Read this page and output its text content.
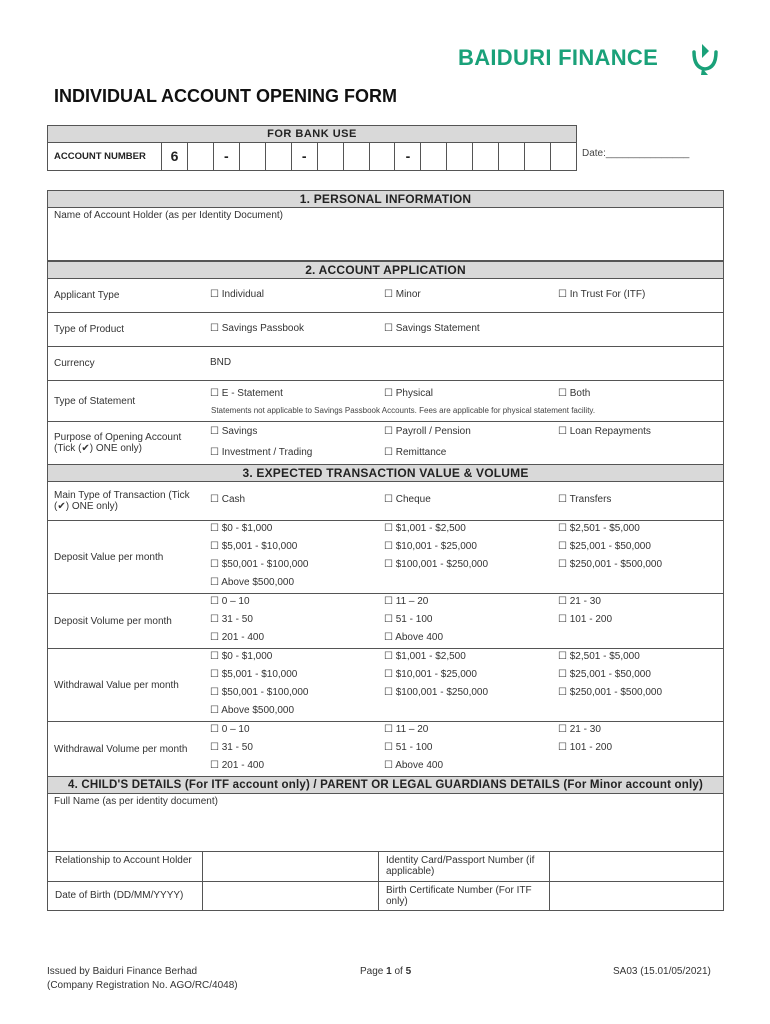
BAIDURI FINANCE
INDIVIDUAL ACCOUNT OPENING FORM
FOR BANK USE
ACCOUNT NUMBER	6	-	-	-	Date:_______________
1. PERSONAL INFORMATION
Name of Account Holder (as per Identity Document)
2. ACCOUNT APPLICATION
Applicant Type	☐ Individual	☐ Minor	☐ In Trust For (ITF)
Type of Product	☐ Savings Passbook	☐ Savings Statement
Currency	BND
Type of Statement
☐ E - Statement	☐ Physical	☐ Both
Statements not applicable to Savings Passbook Accounts. Fees are applicable for physical statement facility.
Purpose of Opening Account (Tick (✔) ONE only)
☐ Savings	☐ Payroll / Pension	☐ Loan Repayments
☐ Investment / Trading	☐ Remittance
3. EXPECTED TRANSACTION VALUE & VOLUME
Main Type of Transaction (Tick (✔) ONE only)
☐ Cash	☐ Cheque	☐ Transfers
Deposit Value per month
☐ $0 - $1,000	☐ $1,001 - $2,500	☐ $2,501 - $5,000
☐ $5,001 - $10,000	☐ $10,001 - $25,000	☐ $25,001 - $50,000
☐ $50,001 - $100,000	☐ $100,001 - $250,000	☐ $250,001 - $500,000
☐ Above $500,000
Deposit Volume per month
☐ 0 – 10	☐ 11 – 20	☐ 21 - 30
☐ 31 - 50	☐ 51 - 100	☐ 101 - 200
☐ 201 - 400	☐ Above 400
Withdrawal Value per month
☐ $0 - $1,000	☐ $1,001 - $2,500	☐ $2,501 - $5,000
☐ $5,001 - $10,000	☐ $10,001 - $25,000	☐ $25,001 - $50,000
☐ $50,001 - $100,000	☐ $100,001 - $250,000	☐ $250,001 - $500,000
☐ Above $500,000
Withdrawal Volume per month
☐ 0 – 10	☐ 11 – 20	☐ 21 - 30
☐ 31 - 50	☐ 51 - 100	☐ 101 - 200
☐ 201 - 400	☐ Above 400
4. CHILD'S DETAILS (For ITF account only) / PARENT OR LEGAL GUARDIANS DETAILS (For Minor account only)
Full Name (as per identity document)
Relationship to Account Holder	Identity Card/Passport Number (if applicable)
Date of Birth (DD/MM/YYYY)	Birth Certificate Number (For ITF only)
Issued by Baiduri Finance Berhad
(Company Registration No. AGO/RC/4048)
Page 1 of 5	SA03 (15.01/05/2021)
